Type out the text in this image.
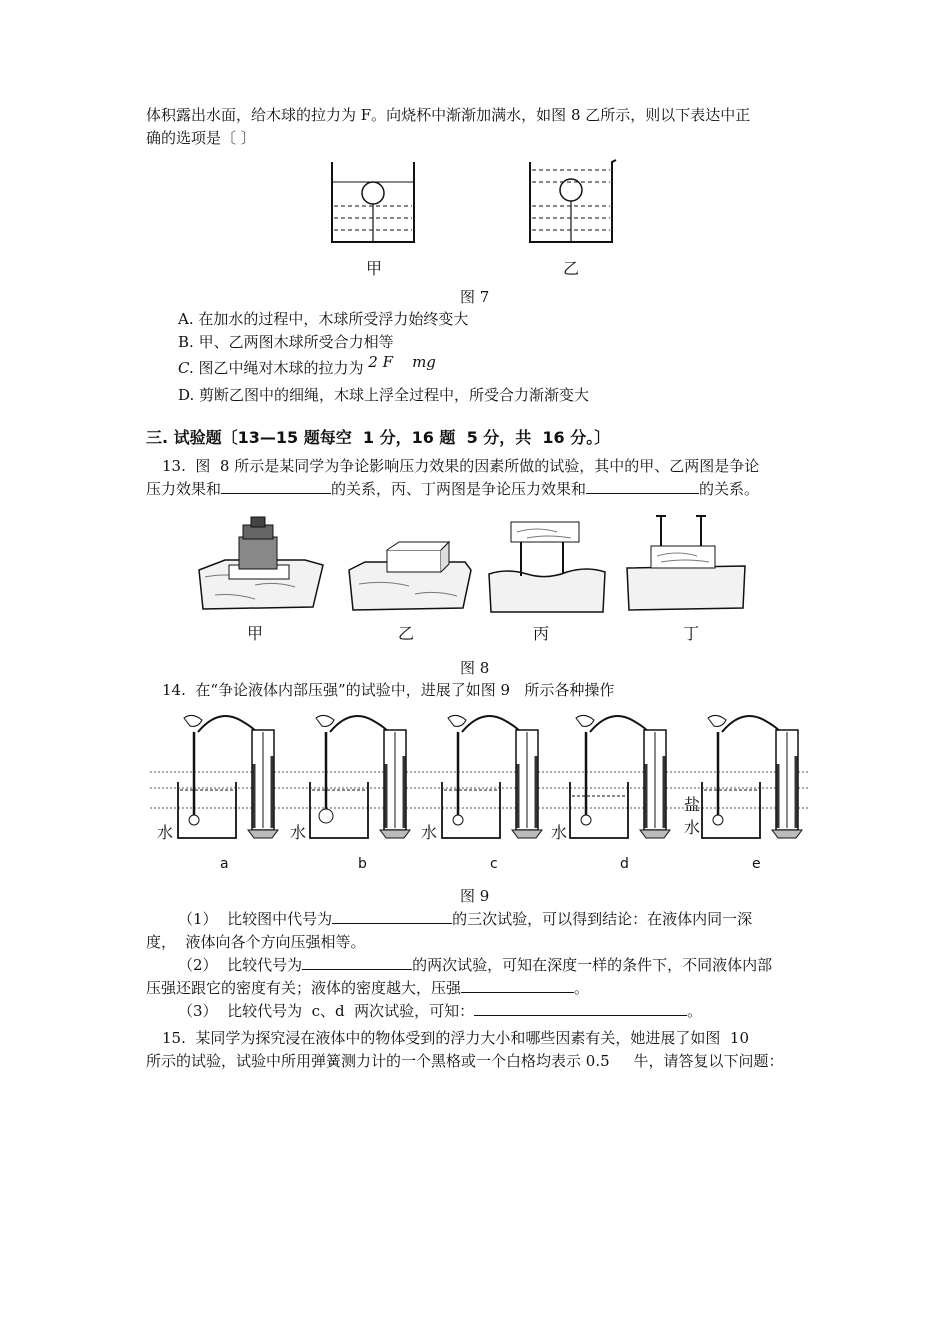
体积露出水面，给木球的拉力为 F。向烧杯中渐渐加满水，如图 8 乙所示，则以下表达中正
确的选项是〔 〕
甲	乙
图 7
A. 在加水的过程中，木球所受浮力始终变大
B. 甲、乙两图木球所受合力相等
C. 图乙中绳对木球的拉力为 2 F    mg
D. 剪断乙图中的细绳，木球上浮全过程中，所受合力渐渐变大
三. 试验题〔13—15 题每空  1 分，16 题  5 分，共  16 分。〕
13.  图  8 所示是某同学为争论影响压力效果的因素所做的试验，其中的甲、乙两图是争论
压力效果和	的关系，丙、丁两图是争论压力效果和	的关系。
甲	乙	丙	丁
图 8
14.  在“争论液体内部压强”的试验中，进展了如图 9   所示各种操作
水	水	水	水
盐
水
a	b	c	d	e
图 9
（1）  比较图中代号为	的三次试验，可以得到结论：在液体内同一深
度，  液体向各个方向压强相等。
（2）  比较代号为	的两次试验，可知在深度一样的条件下，不同液体内部
压强还跟它的密度有关；液体的密度越大，压强	。
（3）  比较代号为  c、d  两次试验，可知：	。
15.  某同学为探究浸在液体中的物体受到的浮力大小和哪些因素有关，她进展了如图  10
所示的试验，试验中所用弹簧测力计的一个黑格或一个白格均表示 0.5     牛，请答复以下问题：
